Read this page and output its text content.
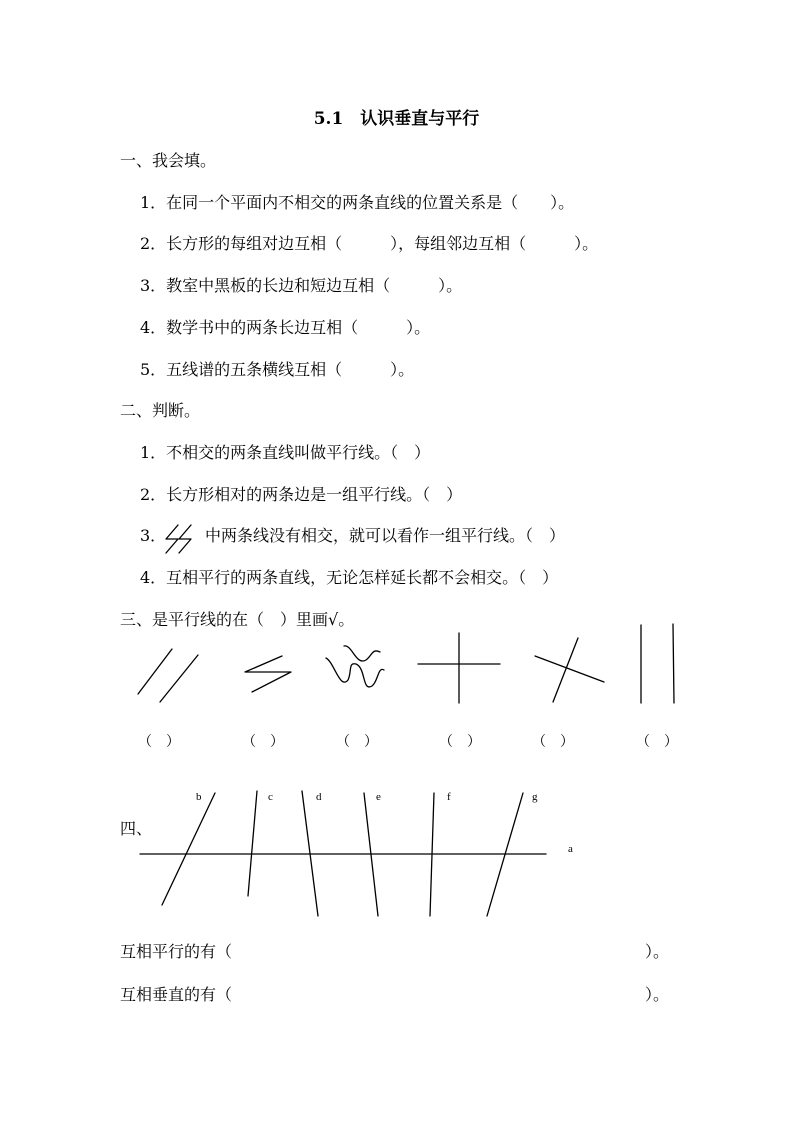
5.1　认识垂直与平行
一、我会填。
1．在同一个平面内不相交的两条直线的位置关系是（　　）。
2．长方形的每组对边互相（　　　），每组邻边互相（　　　）。
3．教室中黑板的长边和短边互相（　　　）。
4．数学书中的两条长边互相（　　　）。
5．五线谱的五条横线互相（　　　）。
二、判断。
1．不相交的两条直线叫做平行线。（　）
2．长方形相对的两条边是一组平行线。（　）
3． 中两条线没有相交，就可以看作一组平行线。（　）
4．互相平行的两条直线，无论怎样延长都不会相交。（　）
三、是平行线的在（　）里画√。
（　）	（　）	（　）	（　）	（　）	（　）
四、
b	c	d	e	f	g
a
互相平行的有（	）。
互相垂直的有（	）。
